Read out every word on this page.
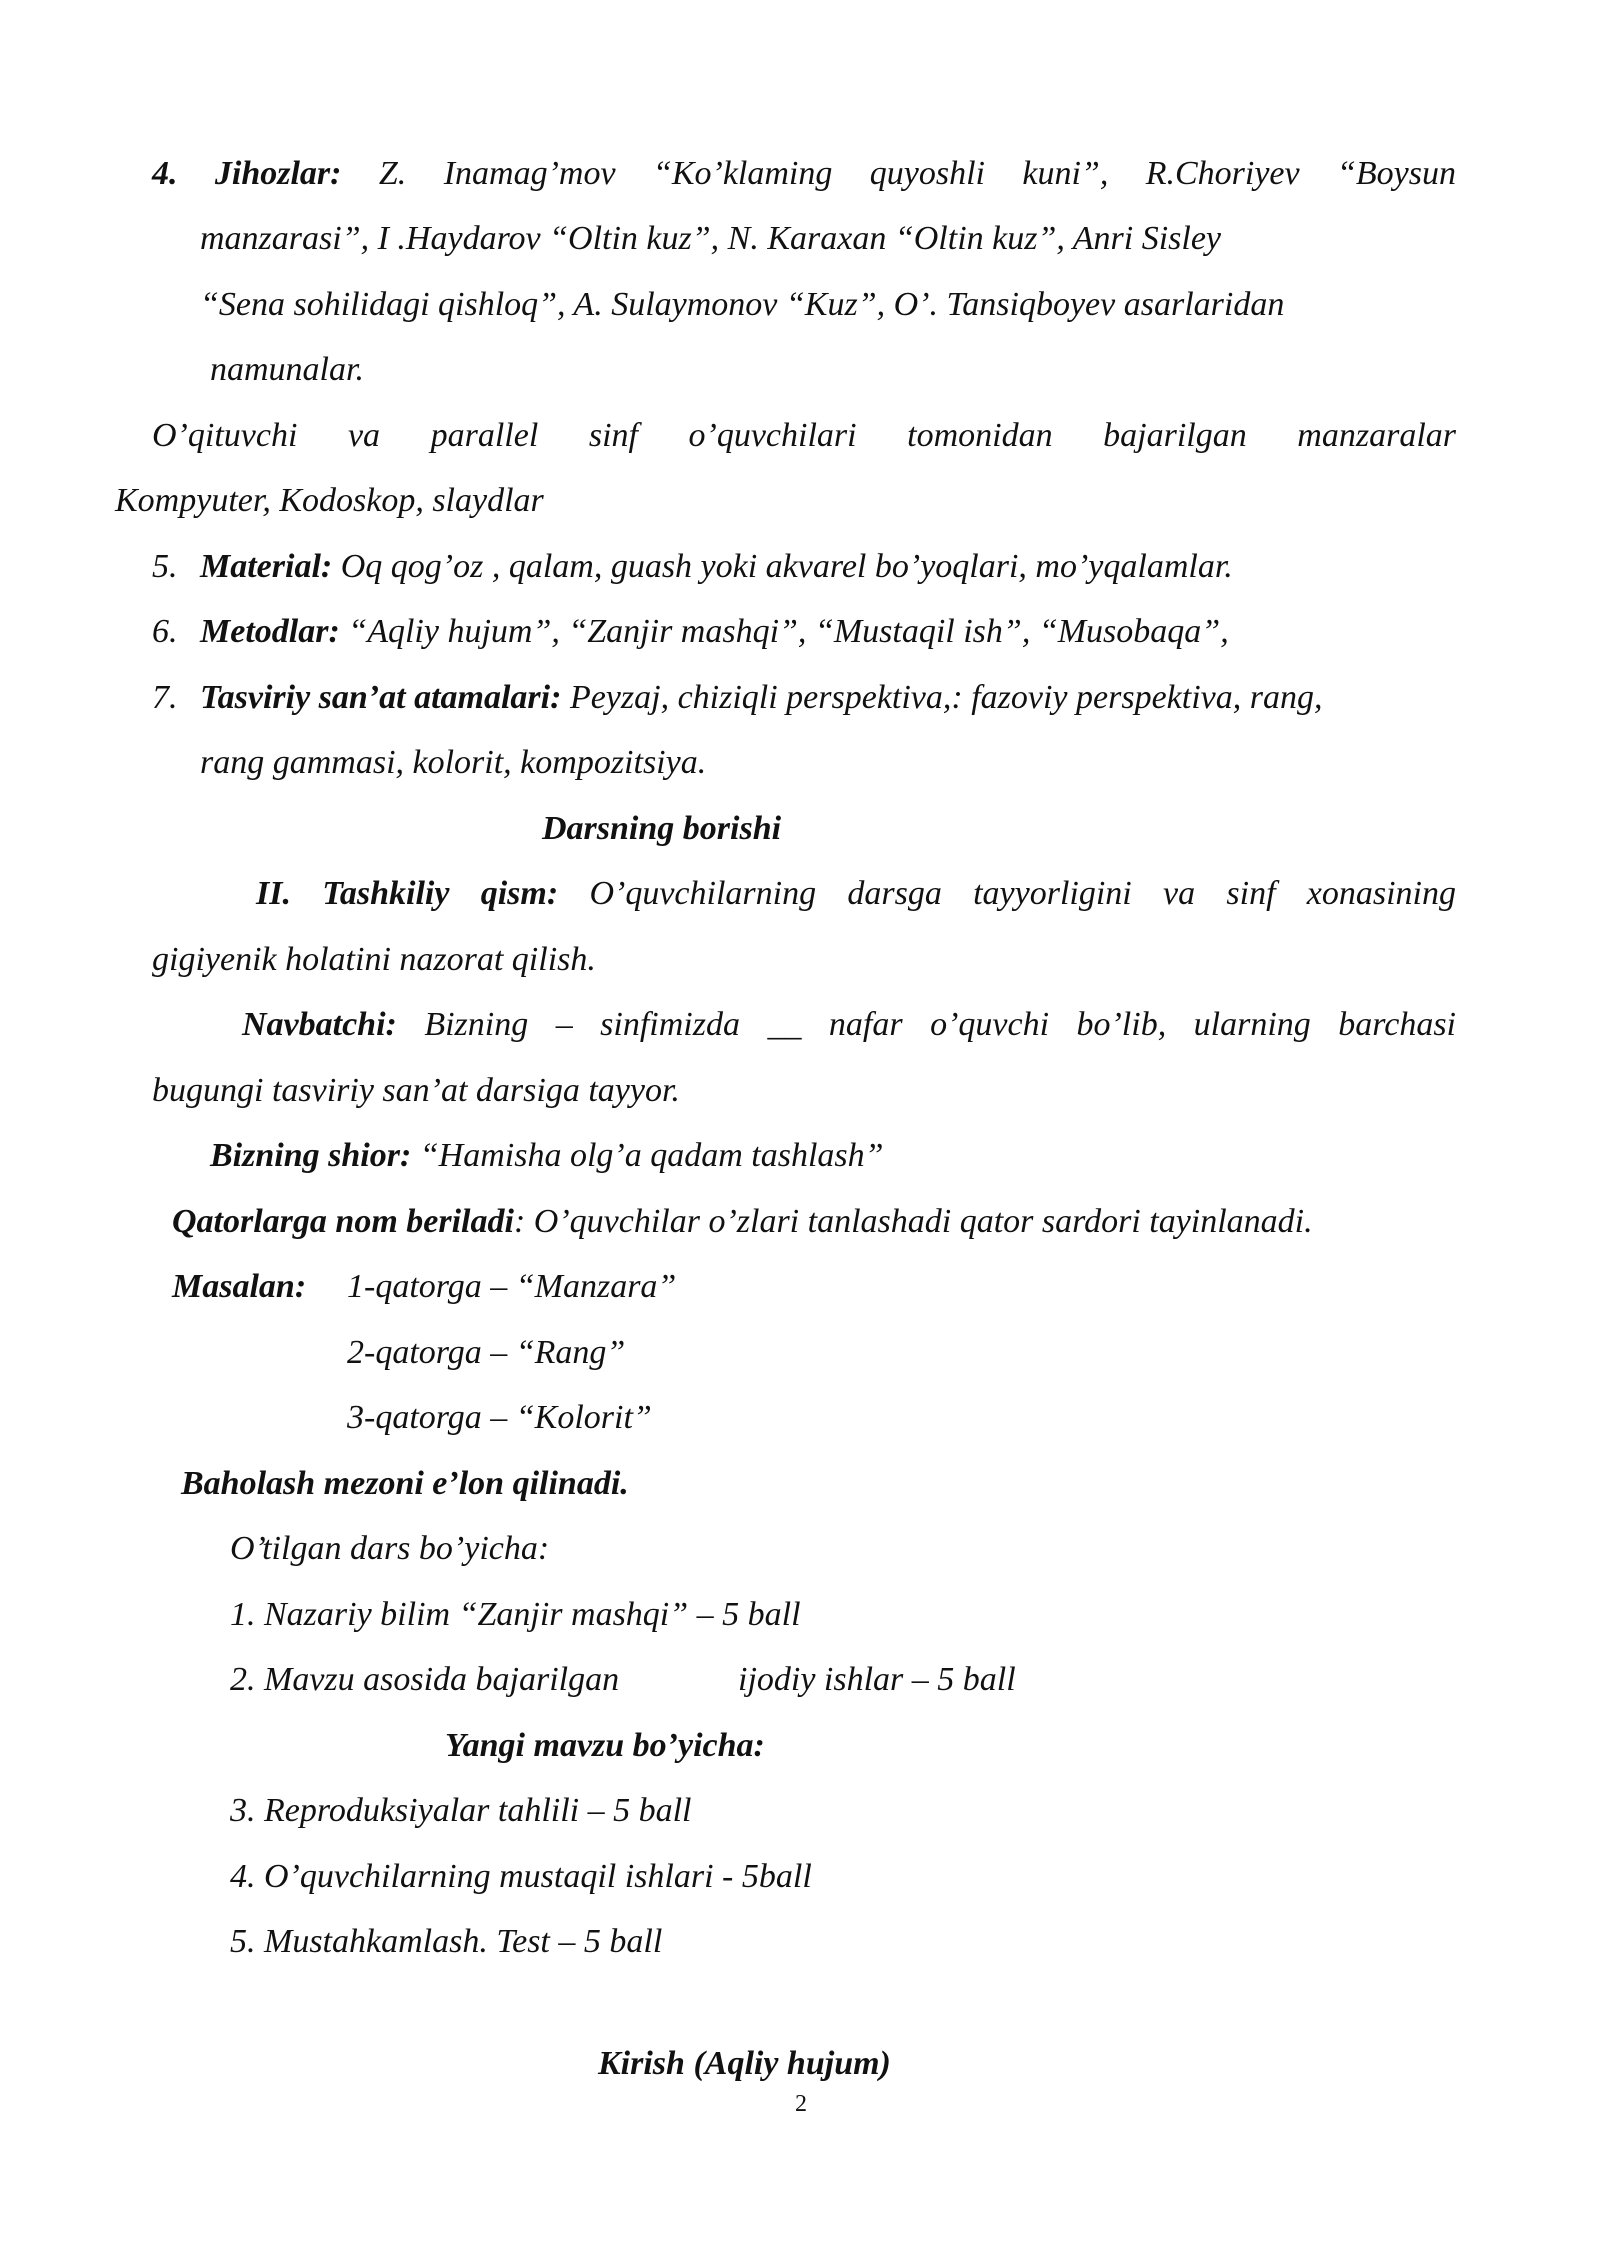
4. Jihozlar: Z. Inamag’mov “Ko’klaming quyoshli kuni”, R.Choriyev “Boysun
manzarasi”, I .Haydarov “Oltin kuz”, N. Karaxan “Oltin kuz”, Anri Sisley
“Sena sohilidagi qishloq”, A. Sulaymonov “Kuz”, O’. Tansiqboyev asarlaridan
namunalar.
O’qituvchi va parallel sinf o’quvchilari tomonidan bajarilgan manzaralar
Kompyuter, Kodoskop, slaydlar
5. Material: Oq qog’oz , qalam, guash yoki akvarel bo’yoqlari, mo’yqalamlar.
6. Metodlar: “Aqliy hujum”, “Zanjir mashqi”, “Mustaqil ish”, “Musobaqa”,
7. Tasviriy san’at atamalari: Peyzaj, chiziqli perspektiva,: fazoviy perspektiva, rang,
rang gammasi, kolorit, kompozitsiya.
Darsning borishi
II. Tashkiliy qism: O’quvchilarning darsga tayyorligini va sinf xonasining
gigiyenik holatini nazorat qilish.
Navbatchi: Bizning – sinfimizda __ nafar o’quvchi bo’lib, ularning barchasi
bugungi tasviriy san’at darsiga tayyor.
Bizning shior: “Hamisha olg’a qadam tashlash”
Qatorlarga nom beriladi: O’quvchilar o’zlari tanlashadi qator sardori tayinlanadi.
Masalan: 1-qatorga – “Manzara”
2-qatorga – “Rang”
3-qatorga – “Kolorit”
Baholash mezoni e’lon qilinadi.
O’tilgan dars bo’yicha:
1. Nazariy bilim “Zanjir mashqi” – 5 ball
2. Mavzu asosida bajarilgan	ijodiy ishlar – 5 ball
Yangi mavzu bo’yicha:
3. Reproduksiyalar tahlili – 5 ball
4. O’quvchilarning mustaqil ishlari - 5ball
5. Mustahkamlash. Test – 5 ball
Kirish (Aqliy hujum)
2
